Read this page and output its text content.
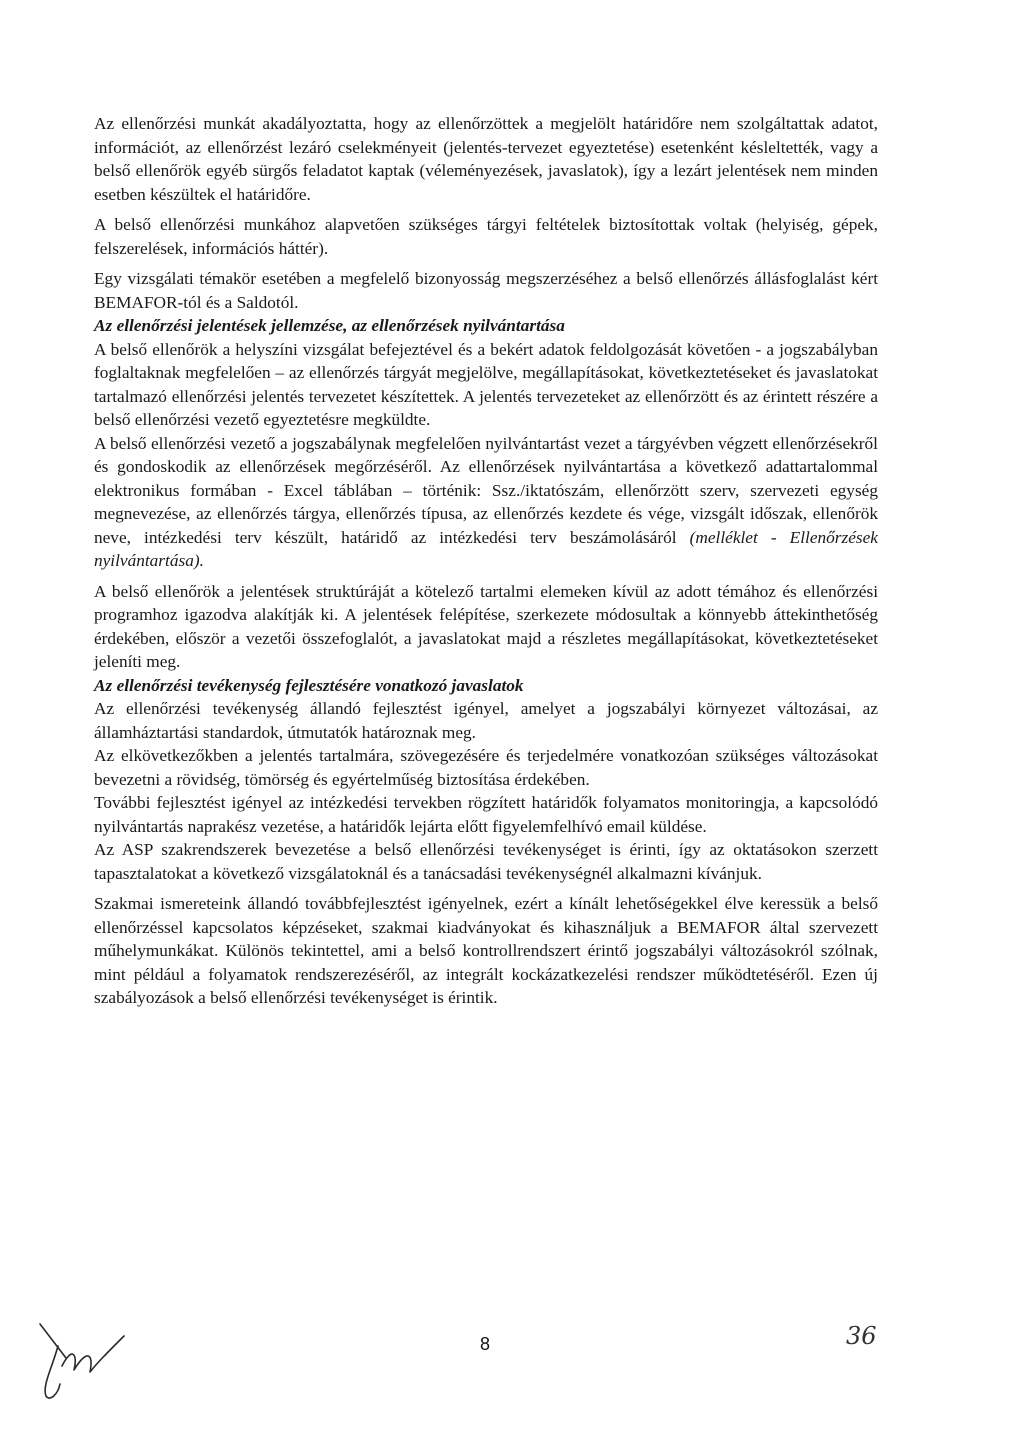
Az ellenőrzési munkát akadályoztatta, hogy az ellenőrzöttek a megjelölt határidőre nem szolgáltattak adatot, információt, az ellenőrzést lezáró cselekményeit (jelentés-tervezet egyeztetése) esetenként késleltették, vagy a belső ellenőrök egyéb sürgős feladatot kaptak (véleményezések, javaslatok), így a lezárt jelentések nem minden esetben készültek el határidőre.

A belső ellenőrzési munkához alapvetően szükséges tárgyi feltételek biztosítottak voltak (helyiség, gépek, felszerelések, információs háttér).

Egy vizsgálati témakör esetében a megfelelő bizonyosság megszerzéséhez a belső ellenőrzés állásfoglalást kért BEMAFOR-tól és a Saldotól.

Az ellenőrzési jelentések jellemzése, az ellenőrzések nyilvántartása

A belső ellenőrök a helyszíni vizsgálat befejeztével és a bekért adatok feldolgozását követően - a jogszabályban foglaltaknak megfelelően – az ellenőrzés tárgyát megjelölve, megállapításokat, következtetéseket és javaslatokat tartalmazó ellenőrzési jelentés tervezetet készítettek. A jelentés tervezeteket az ellenőrzött és az érintett részére a belső ellenőrzési vezető egyeztetésre megküldte.

A belső ellenőrzési vezető a jogszabálynak megfelelően nyilvántartást vezet a tárgyévben végzett ellenőrzésekről és gondoskodik az ellenőrzések megőrzéséről. Az ellenőrzések nyilvántartása a következő adattartalommal elektronikus formában - Excel táblában – történik: Ssz./iktatószám, ellenőrzött szerv, szervezeti egység megnevezése, az ellenőrzés tárgya, ellenőrzés típusa, az ellenőrzés kezdete és vége, vizsgált időszak, ellenőrök neve, intézkedési terv készült, határidő az intézkedési terv beszámolásáról (melléklet - Ellenőrzések nyilvántartása).

A belső ellenőrök a jelentések struktúráját a kötelező tartalmi elemeken kívül az adott témához és ellenőrzési programhoz igazodva alakítják ki. A jelentések felépítése, szerkezete módosultak a könnyebb áttekinthetőség érdekében, először a vezetői összefoglalót, a javaslatokat majd a részletes megállapításokat, következtetéseket jeleníti meg.

Az ellenőrzési tevékenység fejlesztésére vonatkozó javaslatok

Az ellenőrzési tevékenység állandó fejlesztést igényel, amelyet a jogszabályi környezet változásai, az államháztartási standardok, útmutatók határoznak meg.

Az elkövetkezőkben a jelentés tartalmára, szövegezésére és terjedelmére vonatkozóan szükséges változásokat bevezetni a rövidség, tömörség és egyértelműség biztosítása érdekében.

További fejlesztést igényel az intézkedési tervekben rögzített határidők folyamatos monitoringja, a kapcsolódó nyilvántartás naprakész vezetése, a határidők lejárta előtt figyelemfelhívó email küldése.

Az ASP szakrendszerek bevezetése a belső ellenőrzési tevékenységet is érinti, így az oktatásokon szerzett tapasztalatokat a következő vizsgálatoknál és a tanácsadási tevékenységnél alkalmazni kívánjuk.

Szakmai ismereteink állandó továbbfejlesztést igényelnek, ezért a kínált lehetőségekkel élve keressük a belső ellenőrzéssel kapcsolatos képzéseket, szakmai kiadványokat és kihasználjuk a BEMAFOR által szervezett műhelymunkákat. Különös tekintettel, ami a belső kontrollrendszert érintő jogszabályi változásokról szólnak, mint például a folyamatok rendszerezéséről, az integrált kockázatkezelési rendszer működtetéséről. Ezen új szabályozások a belső ellenőrzési tevékenységet is érintik.

8	36
